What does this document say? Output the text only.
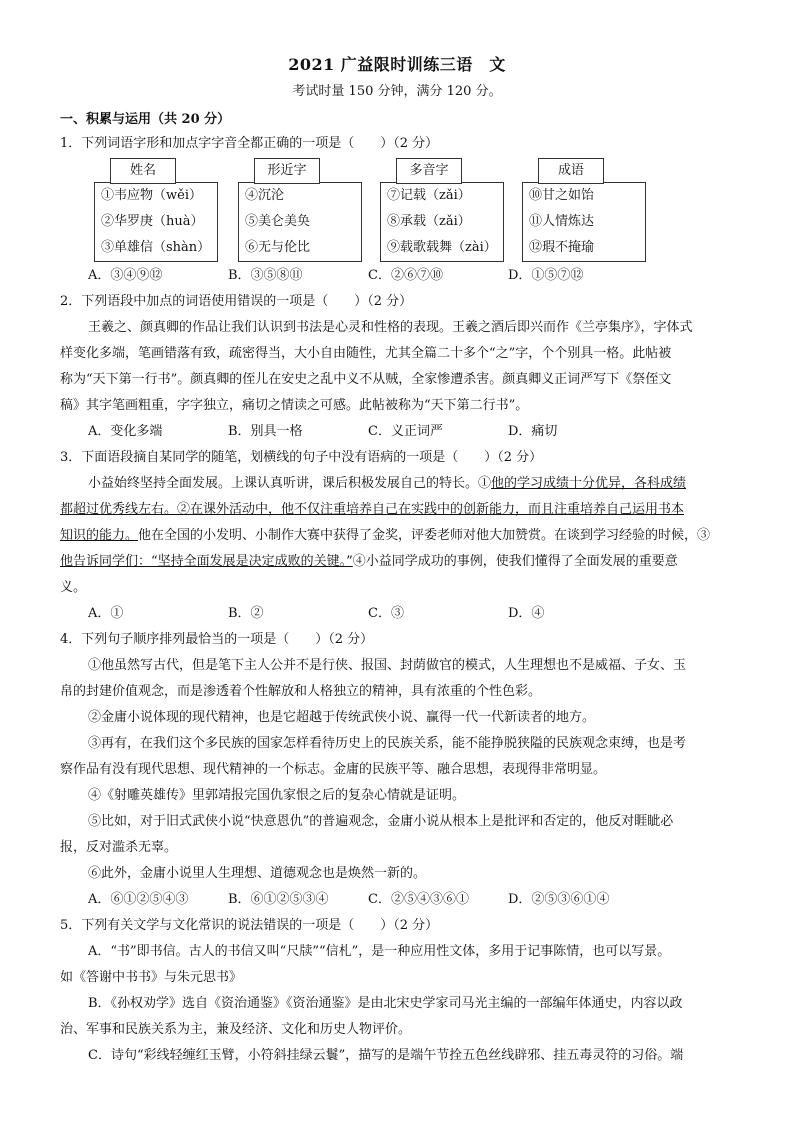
2021 广益限时训练三语　文
考试时量 150 分钟，满分 120 分。
一、积累与运用（共 20 分）
1．下列词语字形和加点字字音全都正确的一项是（　　）（2 分）
①韦应物（wěi）
②华罗庚（huà）
③单雄信（shàn）
姓名
④沉沦
⑤美仑美奂
⑥无与伦比
形近字
⑦记载（zǎi）
⑧承载（zǎi）
⑨载歌载舞（zài）
多音字
⑩甘之如饴
⑪人情炼达
⑫瑕不掩瑜
成语
A．③④⑨⑫	B．③⑤⑧⑪	C．②⑥⑦⑩	D．①⑤⑦⑫
2．下列语段中加点的词语使用错误的一项是（　　）（2 分）
王羲之、颜真卿的作品让我们认识到书法是心灵和性格的表现。王羲之酒后即兴而作《兰亭集序》，字体式
样变化多端，笔画错落有致，疏密得当，大小自由随性，尤其全篇二十多个“之”字，个个别具一格。此帖被
称为“天下第一行书”。颜真卿的侄儿在安史之乱中义不从贼，全家惨遭杀害。颜真卿义正词严写下《祭侄文
稿》其字笔画粗重，字字独立，痛切之情读之可感。此帖被称为“天下第二行书”。
A．变化多端	B．别具一格	C．义正词严	D．痛切
3．下面语段摘自某同学的随笔，划横线的句子中没有语病的一项是（　　）（2 分）
小益始终坚持全面发展。上课认真听讲，课后积极发展自己的特长。①他的学习成绩十分优异，各科成绩
都超过优秀线左右。②在课外活动中，他不仅注重培养自己在实践中的创新能力，而且注重培养自己运用书本
知识的能力。他在全国的小发明、小制作大赛中获得了金奖，评委老师对他大加赞赏。在谈到学习经验的时候，③
他告诉同学们：“坚持全面发展是决定成败的关键。”④小益同学成功的事例，使我们懂得了全面发展的重要意
义。
A．①	B．②	C．③	D．④
4．下列句子顺序排列最恰当的一项是（　　）（2 分）
①他虽然写古代，但是笔下主人公并不是行侠、报国、封荫做官的模式，人生理想也不是威福、子女、玉
帛的封建价值观念，而是渗透着个性解放和人格独立的精神，具有浓重的个性色彩。
②金庸小说体现的现代精神，也是它超越于传统武侠小说、赢得一代一代新读者的地方。
③再有，在我们这个多民族的国家怎样看待历史上的民族关系，能不能挣脱狭隘的民族观念束缚，也是考
察作品有没有现代思想、现代精神的一个标志。金庸的民族平等、融合思想，表现得非常明显。
④《射雕英雄传》里郭靖报完国仇家恨之后的复杂心情就是证明。
⑤比如，对于旧式武侠小说“快意恩仇”的普遍观念，金庸小说从根本上是批评和否定的，他反对睚眦必
报，反对滥杀无辜。
⑥此外，金庸小说里人生理想、道德观念也是焕然一新的。
A．⑥①②⑤④③	B．⑥①②⑤③④	C．②⑤④③⑥①	D．②⑤③⑥①④
5．下列有关文学与文化常识的说法错误的一项是（　　）（2 分）
A．“书”即书信。古人的书信又叫“尺牍”“信札”，是一种应用性文体，多用于记事陈情，也可以写景。
如《答谢中书书》与朱元思书》
B．《孙权劝学》选自《资治通鉴》《资治通鉴》是由北宋史学家司马光主编的一部编年体通史，内容以政
治、军事和民族关系为主，兼及经济、文化和历史人物评价。
C．诗句“彩线轻缠红玉臂，小符斜挂绿云鬟”，描写的是端午节拴五色丝线辟邪、挂五毒灵符的习俗。端
